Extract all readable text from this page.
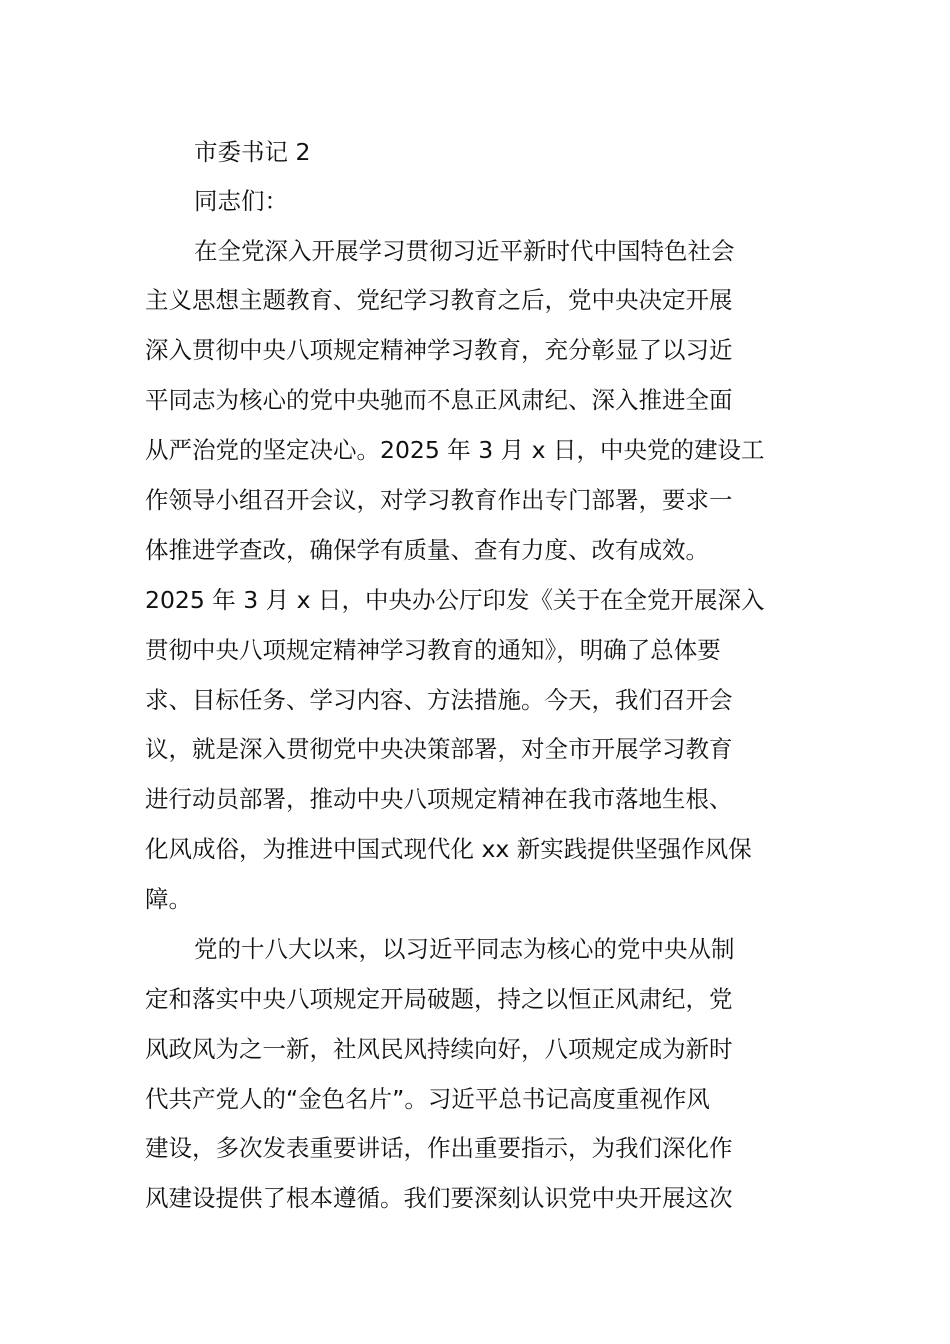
市委书记 2
同志们：
在全党深入开展学习贯彻习近平新时代中国特色社会
主义思想主题教育、党纪学习教育之后，党中央决定开展
深入贯彻中央八项规定精神学习教育，充分彰显了以习近
平同志为核心的党中央驰而不息正风肃纪、深入推进全面
从严治党的坚定决心。2025 年 3 月 x 日，中央党的建设工
作领导小组召开会议，对学习教育作出专门部署，要求一
体推进学查改，确保学有质量、查有力度、改有成效。
2025 年 3 月 x 日，中央办公厅印发《关于在全党开展深入
贯彻中央八项规定精神学习教育的通知》，明确了总体要
求、目标任务、学习内容、方法措施。今天，我们召开会
议，就是深入贯彻党中央决策部署，对全市开展学习教育
进行动员部署，推动中央八项规定精神在我市落地生根、
化风成俗，为推进中国式现代化 xx 新实践提供坚强作风保
障。
党的十八大以来，以习近平同志为核心的党中央从制
定和落实中央八项规定开局破题，持之以恒正风肃纪，党
风政风为之一新，社风民风持续向好，八项规定成为新时
代共产党人的“金色名片”。习近平总书记高度重视作风
建设，多次发表重要讲话，作出重要指示，为我们深化作
风建设提供了根本遵循。我们要深刻认识党中央开展这次
